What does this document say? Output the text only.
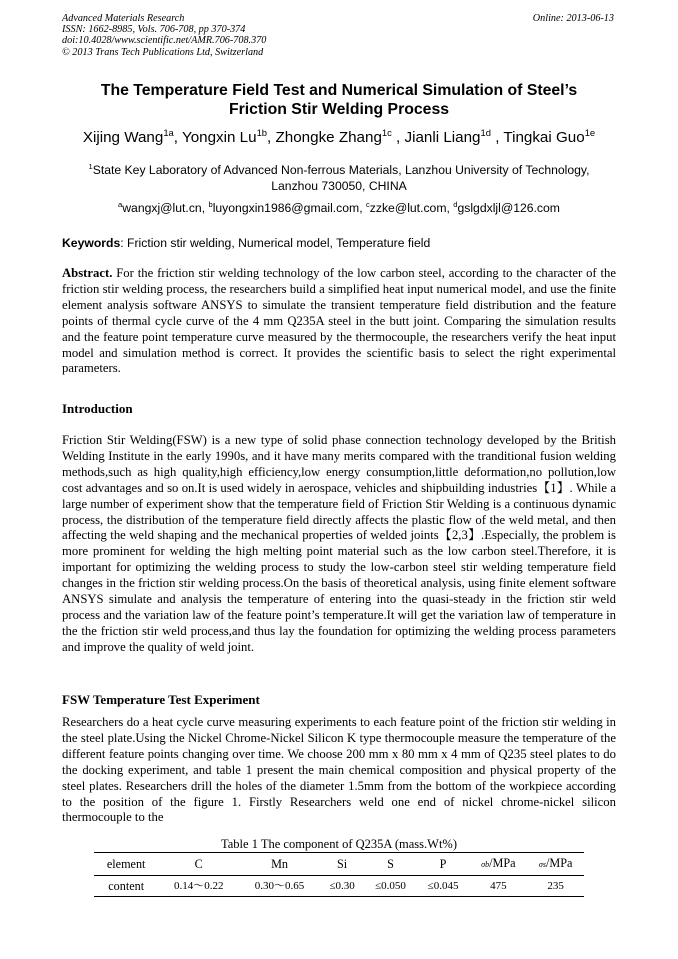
Advanced Materials Research
ISSN: 1662-8985, Vols. 706-708, pp 370-374
doi:10.4028/www.scientific.net/AMR.706-708.370
© 2013 Trans Tech Publications Ltd, Switzerland
Online: 2013-06-13
The Temperature Field Test and Numerical Simulation of Steel’s
Friction Stir Welding Process
Xijing Wang$^{1a}$, Yongxin $Lu^{1b}$, Zhongke Zhang$^{1c}$ , Jianli Liang$^{1d}$ , Tingkai Guo$^{1e}$
$^1$State Key Laboratory of Advanced Non-ferrous Materials, Lanzhou University of Technology,
Lanzhou 730050, CHINA
$^a$wangxj@lut.cn, $^b$luyongxin1986@gmail.com, $^c$zzke@lut.com, $^d$gslgdxljl@126.com
Keywords: Friction stir welding, Numerical model, Temperature field
Abstract. For the friction stir welding technology of the low carbon steel, according to the character of the friction stir welding process, the researchers build a simplified heat input numerical model, and use the finite element analysis software ANSYS to simulate the transient temperature field distribution and the feature points of thermal cycle curve of the 4 mm Q235A steel in the butt joint. Comparing the simulation results and the feature point temperature curve measured by the thermocouple, the researchers verify the heat input model and simulation method is correct. It provides the scientific basis to select the right experimental parameters.
Introduction
Friction Stir Welding(FSW) is a new type of solid phase connection technology developed by the British Welding Institute in the early 1990s, and it have many merits compared with the tranditional fusion welding methods,such as high quality,high efficiency,low energy consumption,little deformation,no pollution,low cost advantages and so on.It is used widely in aerospace, vehicles and shipbuilding industries【1】. While a large number of experiment show that the temperature field of Friction Stir Welding is a continuous dynamic process, the distribution of the temperature field directly affects the plastic flow of the weld metal, and then affecting the weld shaping and the mechanical properties of welded joints【2,3】.Especially, the problem is more prominent for welding the high melting point material such as the low carbon steel.Therefore, it is important for optimizing the welding process to study the low-carbon steel stir welding temperature field changes in the friction stir welding process.On the basis of theoretical analysis, using finite element software ANSYS simulate and analysis the temperature of entering into the quasi-steady in the friction stir weld process and the variation law of the feature point’s temperature.It will get the variation law of temperature in the the friction stir weld process,and thus lay the foundation for optimizing the welding process parameters and improve the quality of weld joint.
FSW Temperature Test Experiment
Researchers do a heat cycle curve measuring experiments to each feature point of the friction stir welding in the steel plate.Using the Nickel Chrome-Nickel Silicon K type thermocouple measure the temperature of the different feature points changing over time. We choose 200 mm x 80 mm x 4 mm of Q235 steel plates to do the docking experiment, and table 1 present the main chemical composition and physical property of the steel plates. Researchers drill the holes of the diameter 1.5mm from the bottom of the workpiece according to the position of the figure 1. Firstly Researchers weld one end of nickel chrome-nickel silicon thermocouple to the
Table 1 The component of Q235A (mass.Wt%)
element	C	Mn	Si	S	P	σb/MPa	σs/MPa
content	0.14～0.22	0.30～0.65	≤0.30	≤0.050	≤0.045	475	235
